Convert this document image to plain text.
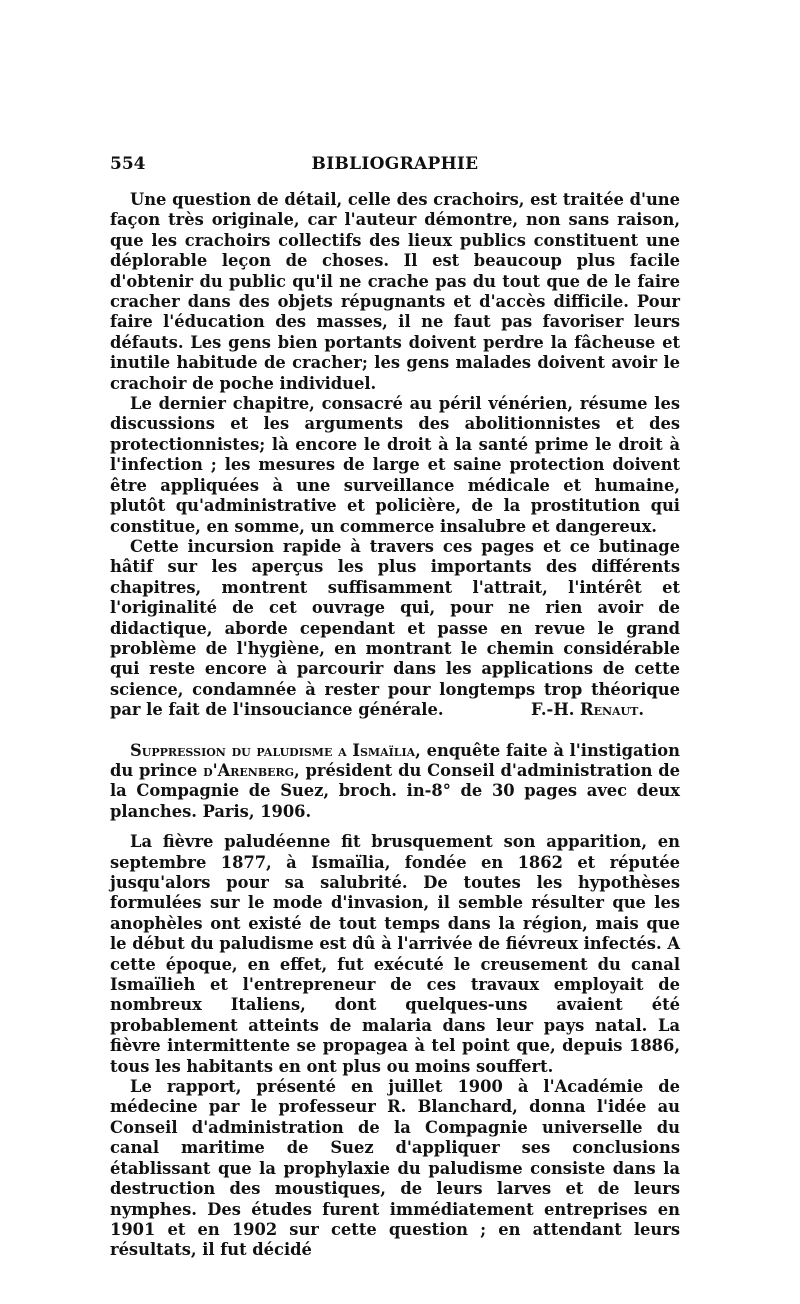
554	BIBLIOGRAPHIE

Une question de détail, celle des crachoirs, est traitée d'une façon très originale, car l'auteur démontre, non sans raison, que les crachoirs collectifs des lieux publics constituent une déplorable leçon de choses. Il est beaucoup plus facile d'obtenir du public qu'il ne crache pas du tout que de le faire cracher dans des objets répugnants et d'accès difficile. Pour faire l'éducation des masses, il ne faut pas favoriser leurs défauts. Les gens bien portants doivent perdre la fâcheuse et inutile habitude de cracher; les gens malades doivent avoir le crachoir de poche individuel.

Le dernier chapitre, consacré au péril vénérien, résume les discussions et les arguments des abolitionnistes et des protectionnistes; là encore le droit à la santé prime le droit à l'infection ; les mesures de large et saine protection doivent être appliquées à une surveillance médicale et humaine, plutôt qu'administrative et policière, de la prostitution qui constitue, en somme, un commerce insalubre et dangereux.

Cette incursion rapide à travers ces pages et ce butinage hâtif sur les aperçus les plus importants des différents chapitres, montrent suffisamment l'attrait, l'intérêt et l'originalité de cet ouvrage qui, pour ne rien avoir de didactique, aborde cependant et passe en revue le grand problème de l'hygiène, en montrant le chemin considérable qui reste encore à parcourir dans les applications de cette science, condamnée à rester pour longtemps trop théorique par le fait de l'insouciance générale.	F.-H. Renaut.

Suppression du paludisme a Ismaïlia, enquête faite à l'instigation du prince d'Arenberg, président du Conseil d'administration de la Compagnie de Suez, broch. in-8° de 30 pages avec deux planches. Paris, 1906.

La fièvre paludéenne fit brusquement son apparition, en septembre 1877, à Ismaïlia, fondée en 1862 et réputée jusqu'alors pour sa salubrité. De toutes les hypothèses formulées sur le mode d'invasion, il semble résulter que les anophèles ont existé de tout temps dans la région, mais que le début du paludisme est dû à l'arrivée de fiévreux infectés. A cette époque, en effet, fut exécuté le creusement du canal Ismaïlieh et l'entrepreneur de ces travaux employait de nombreux Italiens, dont quelques-uns avaient été probablement atteints de malaria dans leur pays natal. La fièvre intermittente se propagea à tel point que, depuis 1886, tous les habitants en ont plus ou moins souffert.

Le rapport, présenté en juillet 1900 à l'Académie de médecine par le professeur R. Blanchard, donna l'idée au Conseil d'administration de la Compagnie universelle du canal maritime de Suez d'appliquer ses conclusions établissant que la prophylaxie du paludisme consiste dans la destruction des moustiques, de leurs larves et de leurs nymphes. Des études furent immédiatement entreprises en 1901 et en 1902 sur cette question ; en attendant leurs résultats, il fut décidé
